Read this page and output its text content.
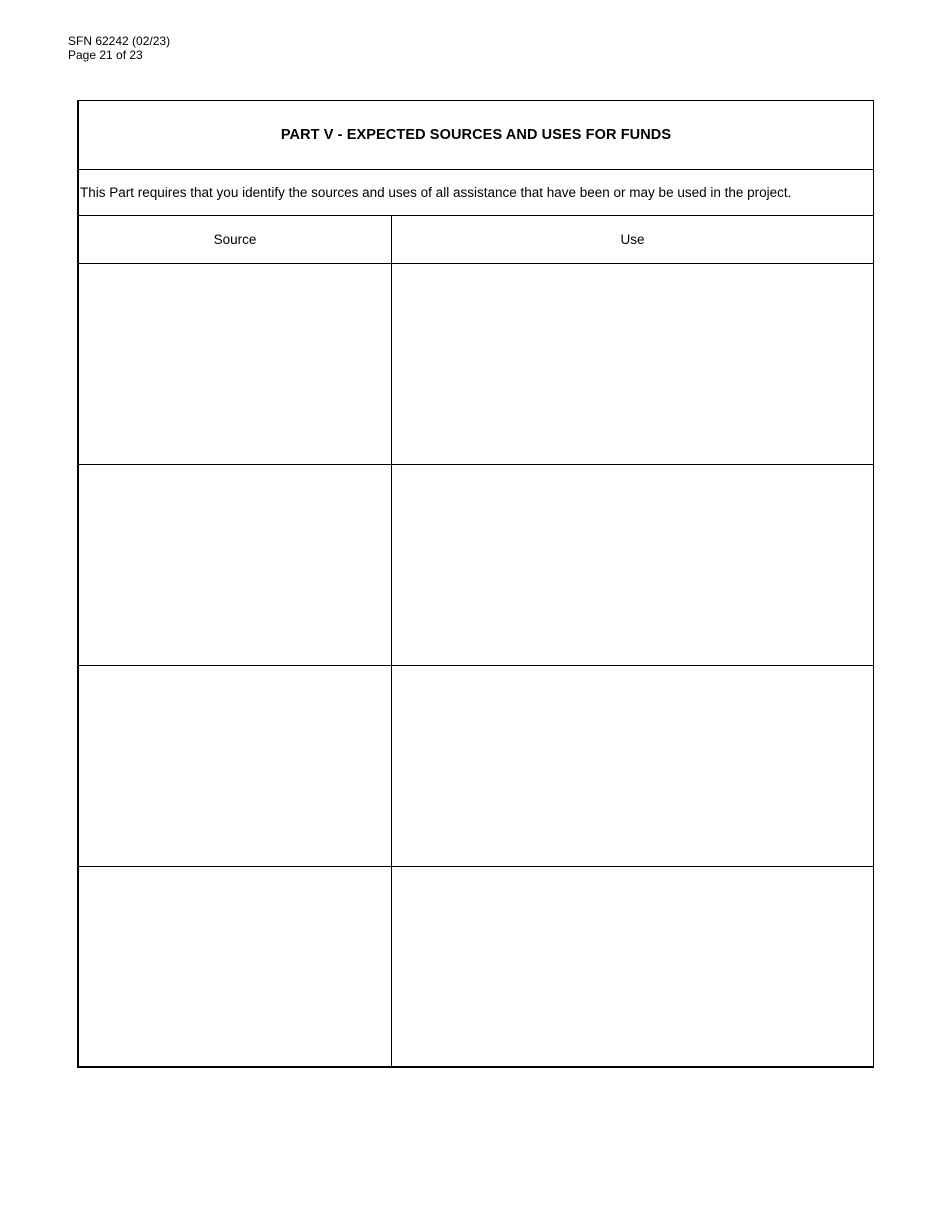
SFN 62242 (02/23)
Page 21 of 23
PART V - EXPECTED SOURCES AND USES FOR FUNDS
This Part requires that you identify the sources and uses of all assistance that have been or may be used in the project.
Source	Use
